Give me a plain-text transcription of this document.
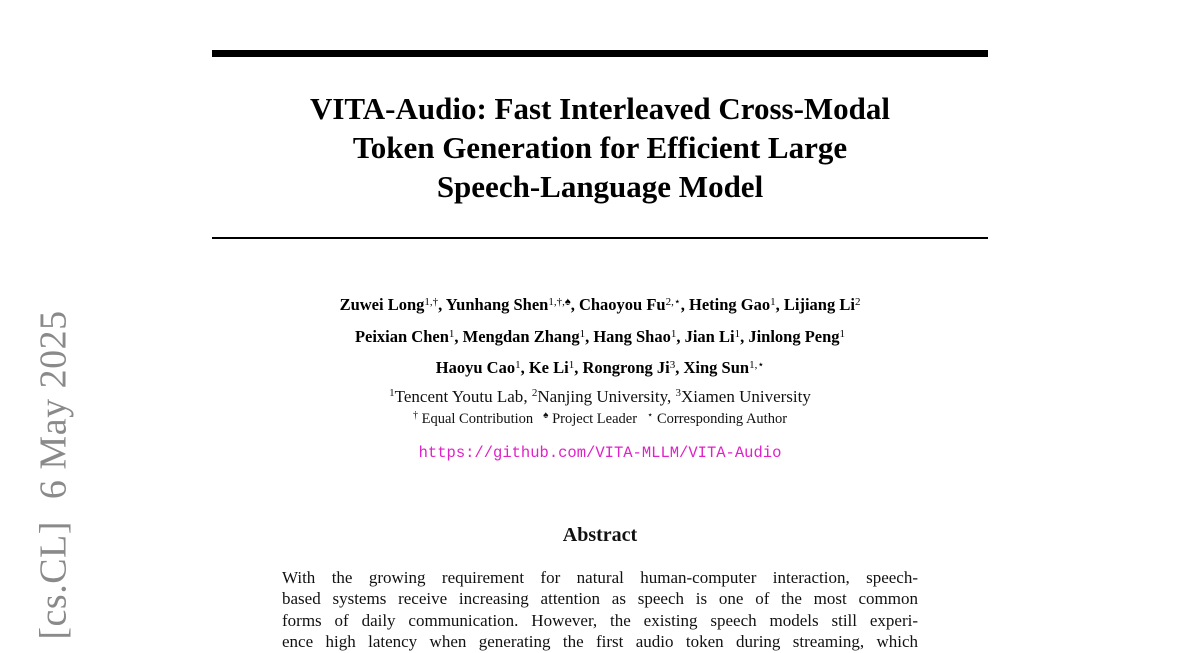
[cs.CL]6 May 2025
VITA-Audio: Fast Interleaved Cross-Modal
Token Generation for Efficient Large
Speech-Language Model
Zuwei Long$^{1,\dagger}$, Yunhang Shen$^{1,\dagger,♠}$, Chaoyou $Fu^{2,⋆}$, Heting Gao$^1$, Lijiang Li$^2$
Peixian Chen$^1$, Mengdan Zhang$^1$, Hang Shao$^1$, Jian Li$^1$, Jinlong Peng$^1$
Haoyu Cao$^1$, Ke Li$^1$, Rongrong Ji$^3$, Xing Sun$^{1,⋆}$
$^1$Tencent Youtu Lab, $^2$Nanjing University, $^3$Xiamen University
† Equal Contribution ♠ Project Leader ⋆ Corresponding Author
https://github.com/VITA-MLLM/VITA-Audio
Abstract
With the growing requirement for natural human-computer interaction, speech-
based systems receive increasing attention as speech is one of the most common
forms of daily communication. However, the existing speech models still experi-
ence high latency when generating the first audio token during streaming, which
